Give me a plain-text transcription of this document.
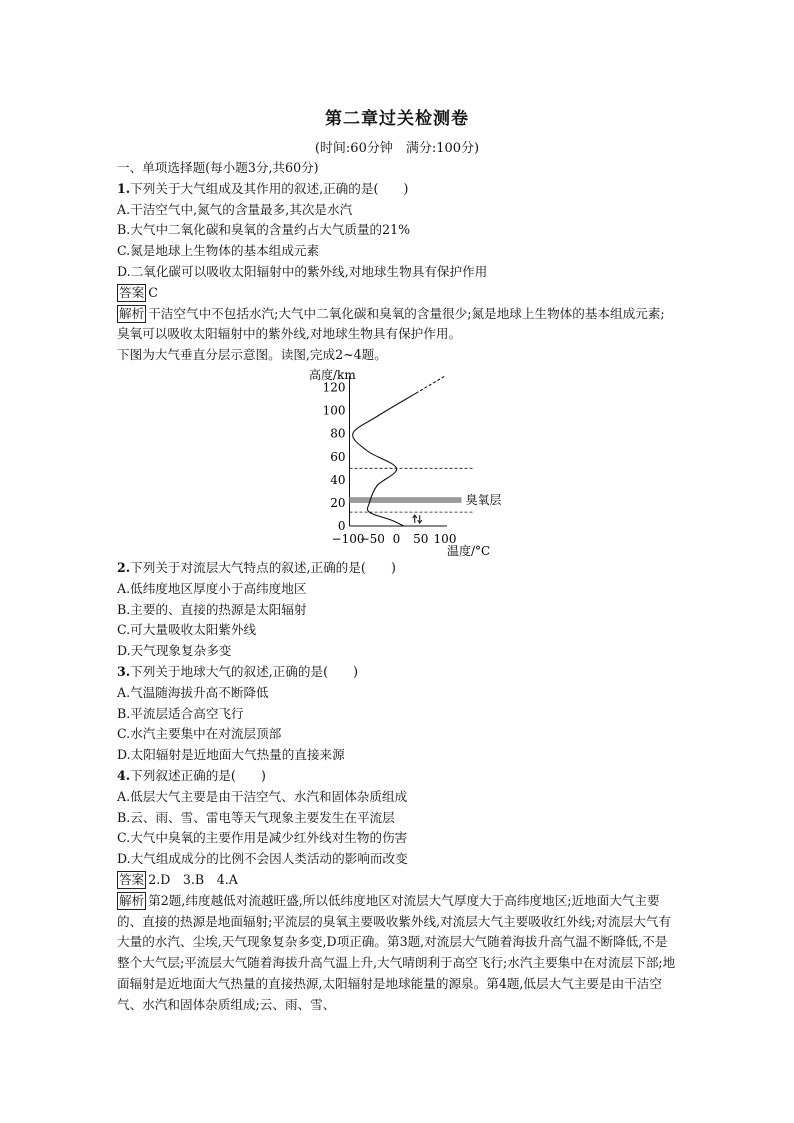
第二章过关检测卷
(时间:60分钟　满分:100分)
一、单项选择题(每小题3分,共60分)
1.下列关于大气组成及其作用的叙述,正确的是(　　)
A.干洁空气中,氮气的含量最多,其次是水汽
B.大气中二氧化碳和臭氧的含量约占大气质量的21%
C.氮是地球上生物体的基本组成元素
D.二氧化碳可以吸收太阳辐射中的紫外线,对地球生物具有保护作用
答案 C
解析 干洁空气中不包括水汽;大气中二氧化碳和臭氧的含量很少;氮是地球上生物体的基本组成元素;臭氧可以吸收太阳辐射中的紫外线,对地球生物具有保护作用。
下图为大气垂直分层示意图。读图,完成2~4题。
高度/km
温度/°C
0
20
40
60
80
100
120
−100
−50 0 50 100
臭氧层
2.下列关于对流层大气特点的叙述,正确的是(　　)
A.低纬度地区厚度小于高纬度地区
B.主要的、直接的热源是太阳辐射
C.可大量吸收太阳紫外线
D.天气现象复杂多变
3.下列关于地球大气的叙述,正确的是(　　)
A.气温随海拔升高不断降低
B.平流层适合高空飞行
C.水汽主要集中在对流层顶部
D.太阳辐射是近地面大气热量的直接来源
4.下列叙述正确的是(　　)
A.低层大气主要是由干洁空气、水汽和固体杂质组成
B.云、雨、雪、雷电等天气现象主要发生在平流层
C.大气中臭氧的主要作用是减少红外线对生物的伤害
D.大气组成成分的比例不会因人类活动的影响而改变
答案 2.D　3.B　4.A
解析 第2题,纬度越低对流越旺盛,所以低纬度地区对流层大气厚度大于高纬度地区;近地面大气主要的、直接的热源是地面辐射;平流层的臭氧主要吸收紫外线,对流层大气主要吸收红外线;对流层大气有大量的水汽、尘埃,天气现象复杂多变,D项正确。第3题,对流层大气随着海拔升高气温不断降低,不是整个大气层;平流层大气随着海拔升高气温上升,大气晴朗利于高空飞行;水汽主要集中在对流层下部;地面辐射是近地面大气热量的直接热源,太阳辐射是地球能量的源泉。第4题,低层大气主要是由干洁空气、水汽和固体杂质组成;云、雨、雪、
